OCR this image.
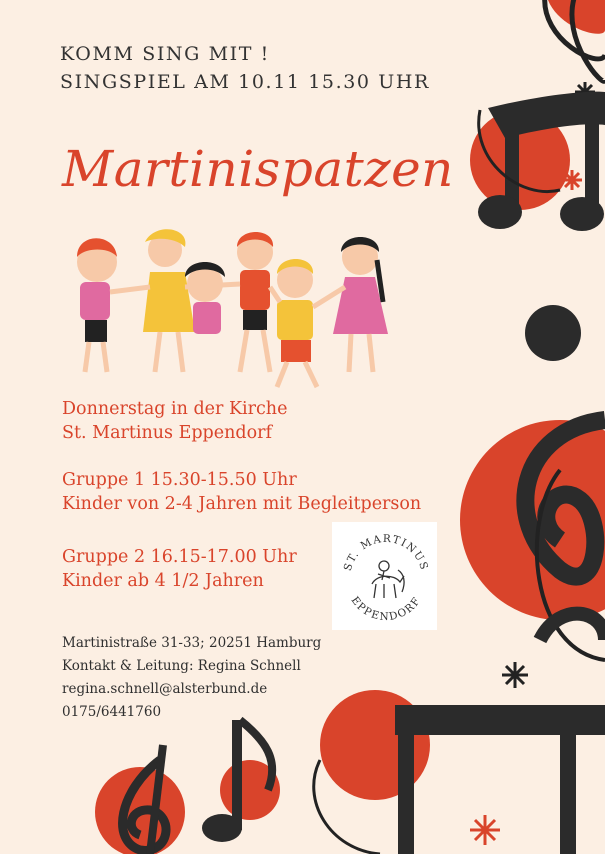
KOMM SING MIT !
SINGSPIEL AM 10.11 15.30 UHR
Martinispatzen
Donnerstag in der Kirche
St. Martinus Eppendorf
Gruppe 1 15.30-15.50 Uhr
Kinder von 2-4 Jahren mit Begleitperson
Gruppe 2 16.15-17.00 Uhr
Kinder ab 4 1/2 Jahren
ST. MARTINUS
EPPENDORF
Martinistraße 31-33; 20251 Hamburg
Kontakt & Leitung: Regina Schnell
regina.schnell@alsterbund.de
0175/6441760
